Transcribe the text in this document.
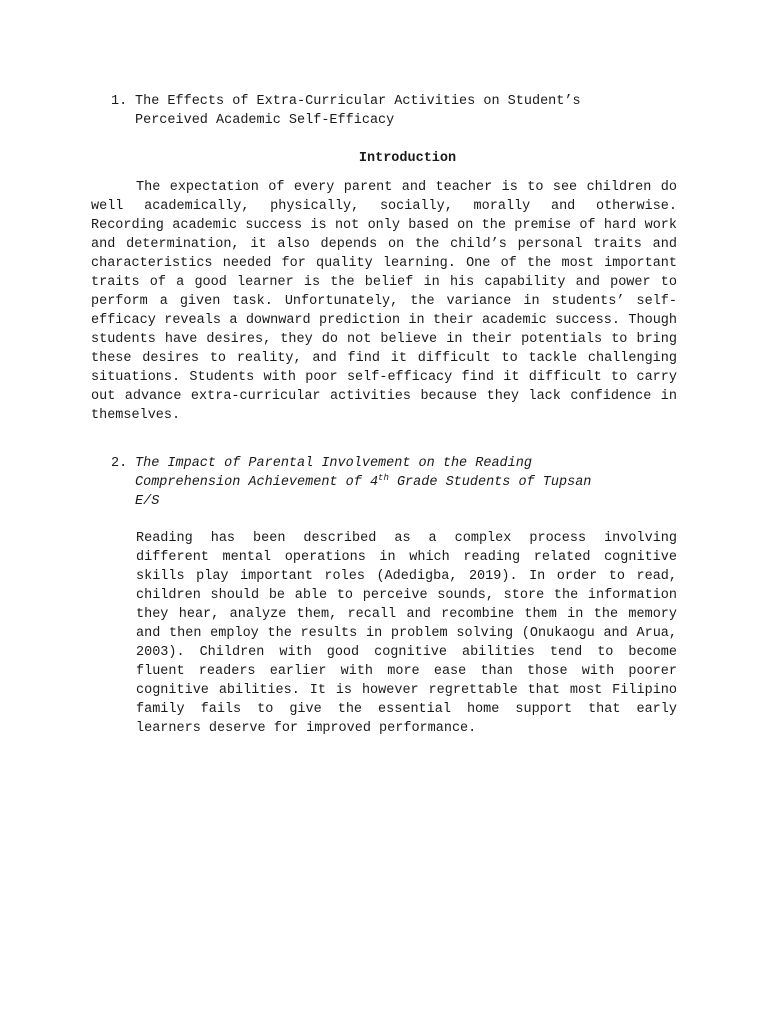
1. The Effects of Extra-Curricular Activities on Student’s
Perceived Academic Self-Efficacy
Introduction

The expectation of every parent and teacher is to see children do well academically, physically, socially, morally and otherwise. Recording academic success is not only based on the premise of hard work and determination, it also depends on the child’s personal traits and characteristics needed for quality learning. One of the most important traits of a good learner is the belief in his capability and power to perform a given task. Unfortunately, the variance in students’ self-efficacy reveals a downward prediction in their academic success. Though students have desires, they do not believe in their potentials to bring these desires to reality, and find it difficult to tackle challenging situations. Students with poor self-efficacy find it difficult to carry out advance extra-curricular activities because they lack confidence in themselves.

2. The Impact of Parental Involvement on the Reading
Comprehension Achievement of 4th Grade Students of Tupsan
E/S

Reading has been described as a complex process involving different mental operations in which reading related cognitive skills play important roles (Adedigba, 2019). In order to read, children should be able to perceive sounds, store the information they hear, analyze them, recall and recombine them in the memory and then employ the results in problem solving (Onukaogu and Arua, 2003). Children with good cognitive abilities tend to become fluent readers earlier with more ease than those with poorer cognitive abilities. It is however regrettable that most Filipino family fails to give the essential home support that early learners deserve for improved performance.
